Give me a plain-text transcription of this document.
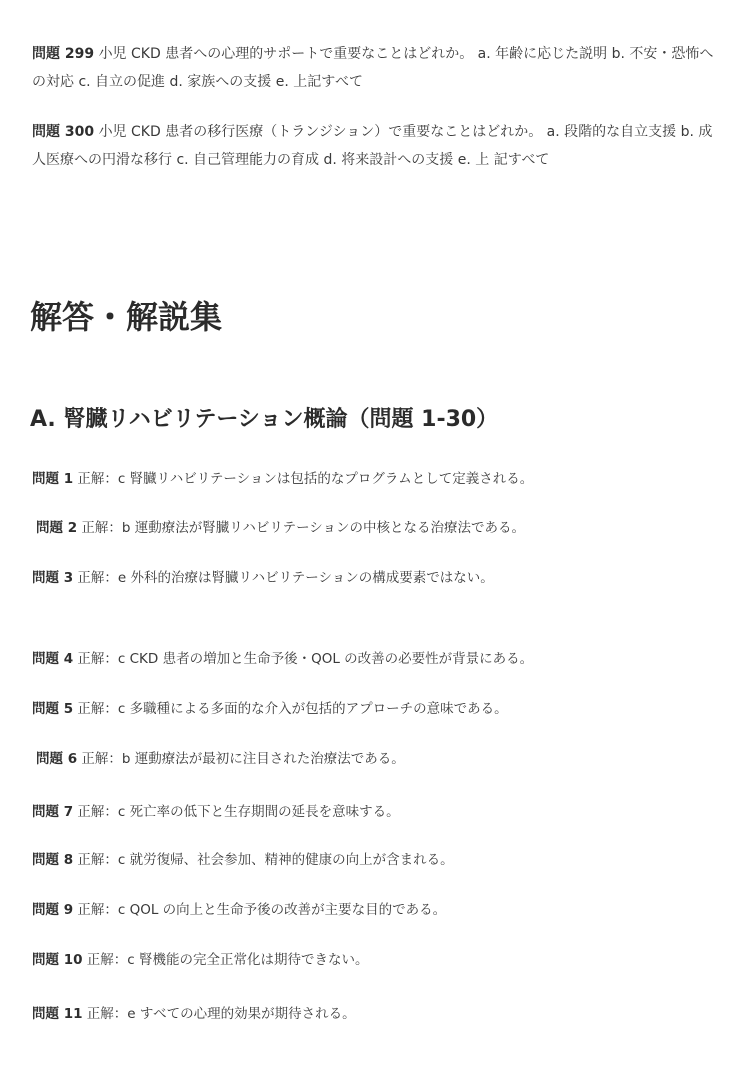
問題 299 小児 CKD 患者への心理的サポートで重要なことはどれか。 a. 年齢に応じた説明 b. 不安・恐怖への対応 c. 自立の促進 d. 家族への支援 e. 上記すべて

問題 300 小児 CKD 患者の移行医療（トランジション）で重要なことはどれか。 a. 段階的な自立支援 b. 成人医療への円滑な移行 c. 自己管理能力の育成 d. 将来設計への支援 e. 上 記すべて

解答・解説集
A. 腎臓リハビリテーション概論（問題 1-30）

問題 1 正解：c 腎臓リハビリテーションは包括的なプログラムとして定義される。

問題 2 正解：b 運動療法が腎臓リハビリテーションの中核となる治療法である。

問題 3 正解：e 外科的治療は腎臓リハビリテーションの構成要素ではない。

問題 4 正解：c CKD 患者の増加と生命予後・QOL の改善の必要性が背景にある。

問題 5 正解：c 多職種による多面的な介入が包括的アプローチの意味である。

問題 6 正解：b 運動療法が最初に注目された治療法である。

問題 7 正解：c 死亡率の低下と生存期間の延長を意味する。

問題 8 正解：c 就労復帰、社会参加、精神的健康の向上が含まれる。

問題 9 正解：c QOL の向上と生命予後の改善が主要な目的である。

問題 10 正解：c 腎機能の完全正常化は期待できない。

問題 11 正解：e すべての心理的効果が期待される。
